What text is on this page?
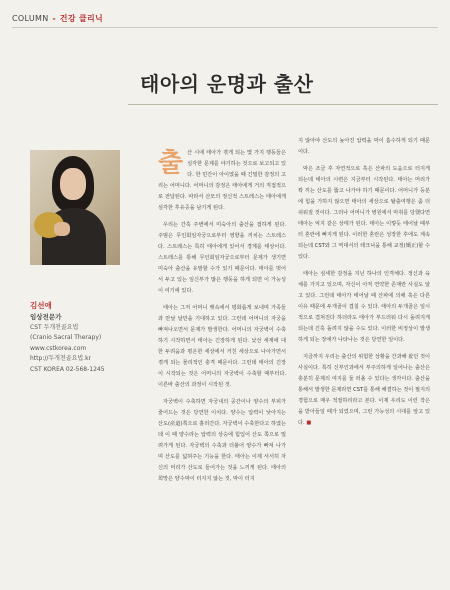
COLUMN - 건강 클리닉
태아의 운명과 출산
김선애
임상전문가
CST 두개천골요법
(Cranio Sacral Therapy)
www.cstkorea.com
http://두개천골요법.kr
CST KOREA 02-568-1245
출 산 시에 태아가 겪게 되는 몇 가지 행동들은 심각한 문제를 야기하는 것으로 보고되고 있다. 한 민간이 아이였을 때 긴밀한 감정의 고리는 어머니다. 어머니의 감정은 태아에게 거의 직접적으로 전달된다. 따라서 산모의 정신적 스트레스는 태아에게 심각한 후유증을 남기게 된다.

우리는 간혹 주변에서 미숙아의 출산을 접하게 된다. 주범은 무인회임자궁으로부터 영향을 끼치는 스트레스다. 스트레스는 특히 태아에게 있어서 경계를 태상이다. 스트레스를 통해 무인회임자궁으로부터 문제가 생기면 미숙아 출산을 유발할 수가 있기 때문이다. 태아를 벗어서 두고 있는 임신부가 많은 행동을 하게 되면 이 가능성이 여기에 있다.

태아는 그저 어머니 뱃속에서 평화롭게 보내며 가족들과 만날 날만을 기대하고 있다. 그런데 어머니의 자궁을 빠져나오면서 문제가 발생한다. 어머니의 자궁벽이 수축하기 시작하면서 태아는 긴장하게 된다. 낯선 세계에 대한 두려움과 평온한 세상에서 거친 세상으로 나아가면서 겪게 되는 물리적인 충격 때문이다. 그런데 태아의 긴장이 시작되는 것은 어머니의 자궁벽이 수축할 때부터다. 이른바 출산의 과정이 시작된 것.

자궁벽이 수축하면 자궁내의 공간이나 양수의 부피가 줄어드는 것은 당연한 이치다. 양수는 압력이 낮아지는 산도(産道)쪽으로 흘러간다. 자궁벽이 수축한다고 하였는데 이 때 양수라는 압력의 상승에 힘입어 산도 쪽으로 밀려가게 된다. 자궁벽의 수축과 더불어 양수가 빠져 나가며 산도를 넓혀주는 기능을 한다. 태아는 이제 서서히 자신의 머리가 산도로 들어가는 것을 느끼게 된다. 태아의 희망은 양수막이 터지지 않는 것, 막이 터지

지 않아야 산도의 높아진 압력을 막이 흡수하게 되기 때문이다.

막은 조금 후 자연적으로 혹은 산파의 도움으로 터지게 되는데 태아의 시련은 지금부터 시작된다. 태아는 머리가 꽉 끼는 산도를 뚫고 나가야 하기 때문이다. 어머니가 등분에 힘을 가하지 않으면 태아의 세상으로 탈출여행은 좀 더 쉬워질 것이다. 그러나 어머니가 병원에서 마취를 당했다면 태아는 억지 같은 상태가 된다. 태아는 이렇듯 태어날 때부터 혼란에 빠지게 된다. 이러한 혼란은 성장한 후에도 계속되는데 CST와 그 역대서의 테크닉을 통해 교정(矯正)할 수 있다.

태아는 심세한 감정을 지닌 하나의 인격체다. 정신과 육체를 가지고 있으며, 자신이 아직 연약한 존재란 사실도 알고 있다. 그런데 태아가 태어날 때 산파에 의해 혹은 다른 이유 때문에 두개골이 겹칠 수 있다. 태아의 두개골은 일시적으로 겹쳐진다 하더라도 태아가 부드러워 다시 돌려지게 되는데 긴혹 돌려지 않을 수도 있다. 이러한 비정상이 발생하게 되는 장애가 나타나는 것은 당연한 일이다.

지금까지 우리는 출산의 위험한 상황을 간과해 왔던 것이 사실이다. 특히 신부인과에서 부주의하게 일어나는 출산은 충분히 문제의 여지를 둘 러올 수 있다는 생각이다. 출산을 통해서 발생한 문제라면 CST를 통해 해결하는 것이 필지의 경험으로 매우 적절하리라고 본다. 이제 우리도 이런 작은을 받아들일 때가 되었으며, 그런 가능성의 시대를 앞고 있다. ■
